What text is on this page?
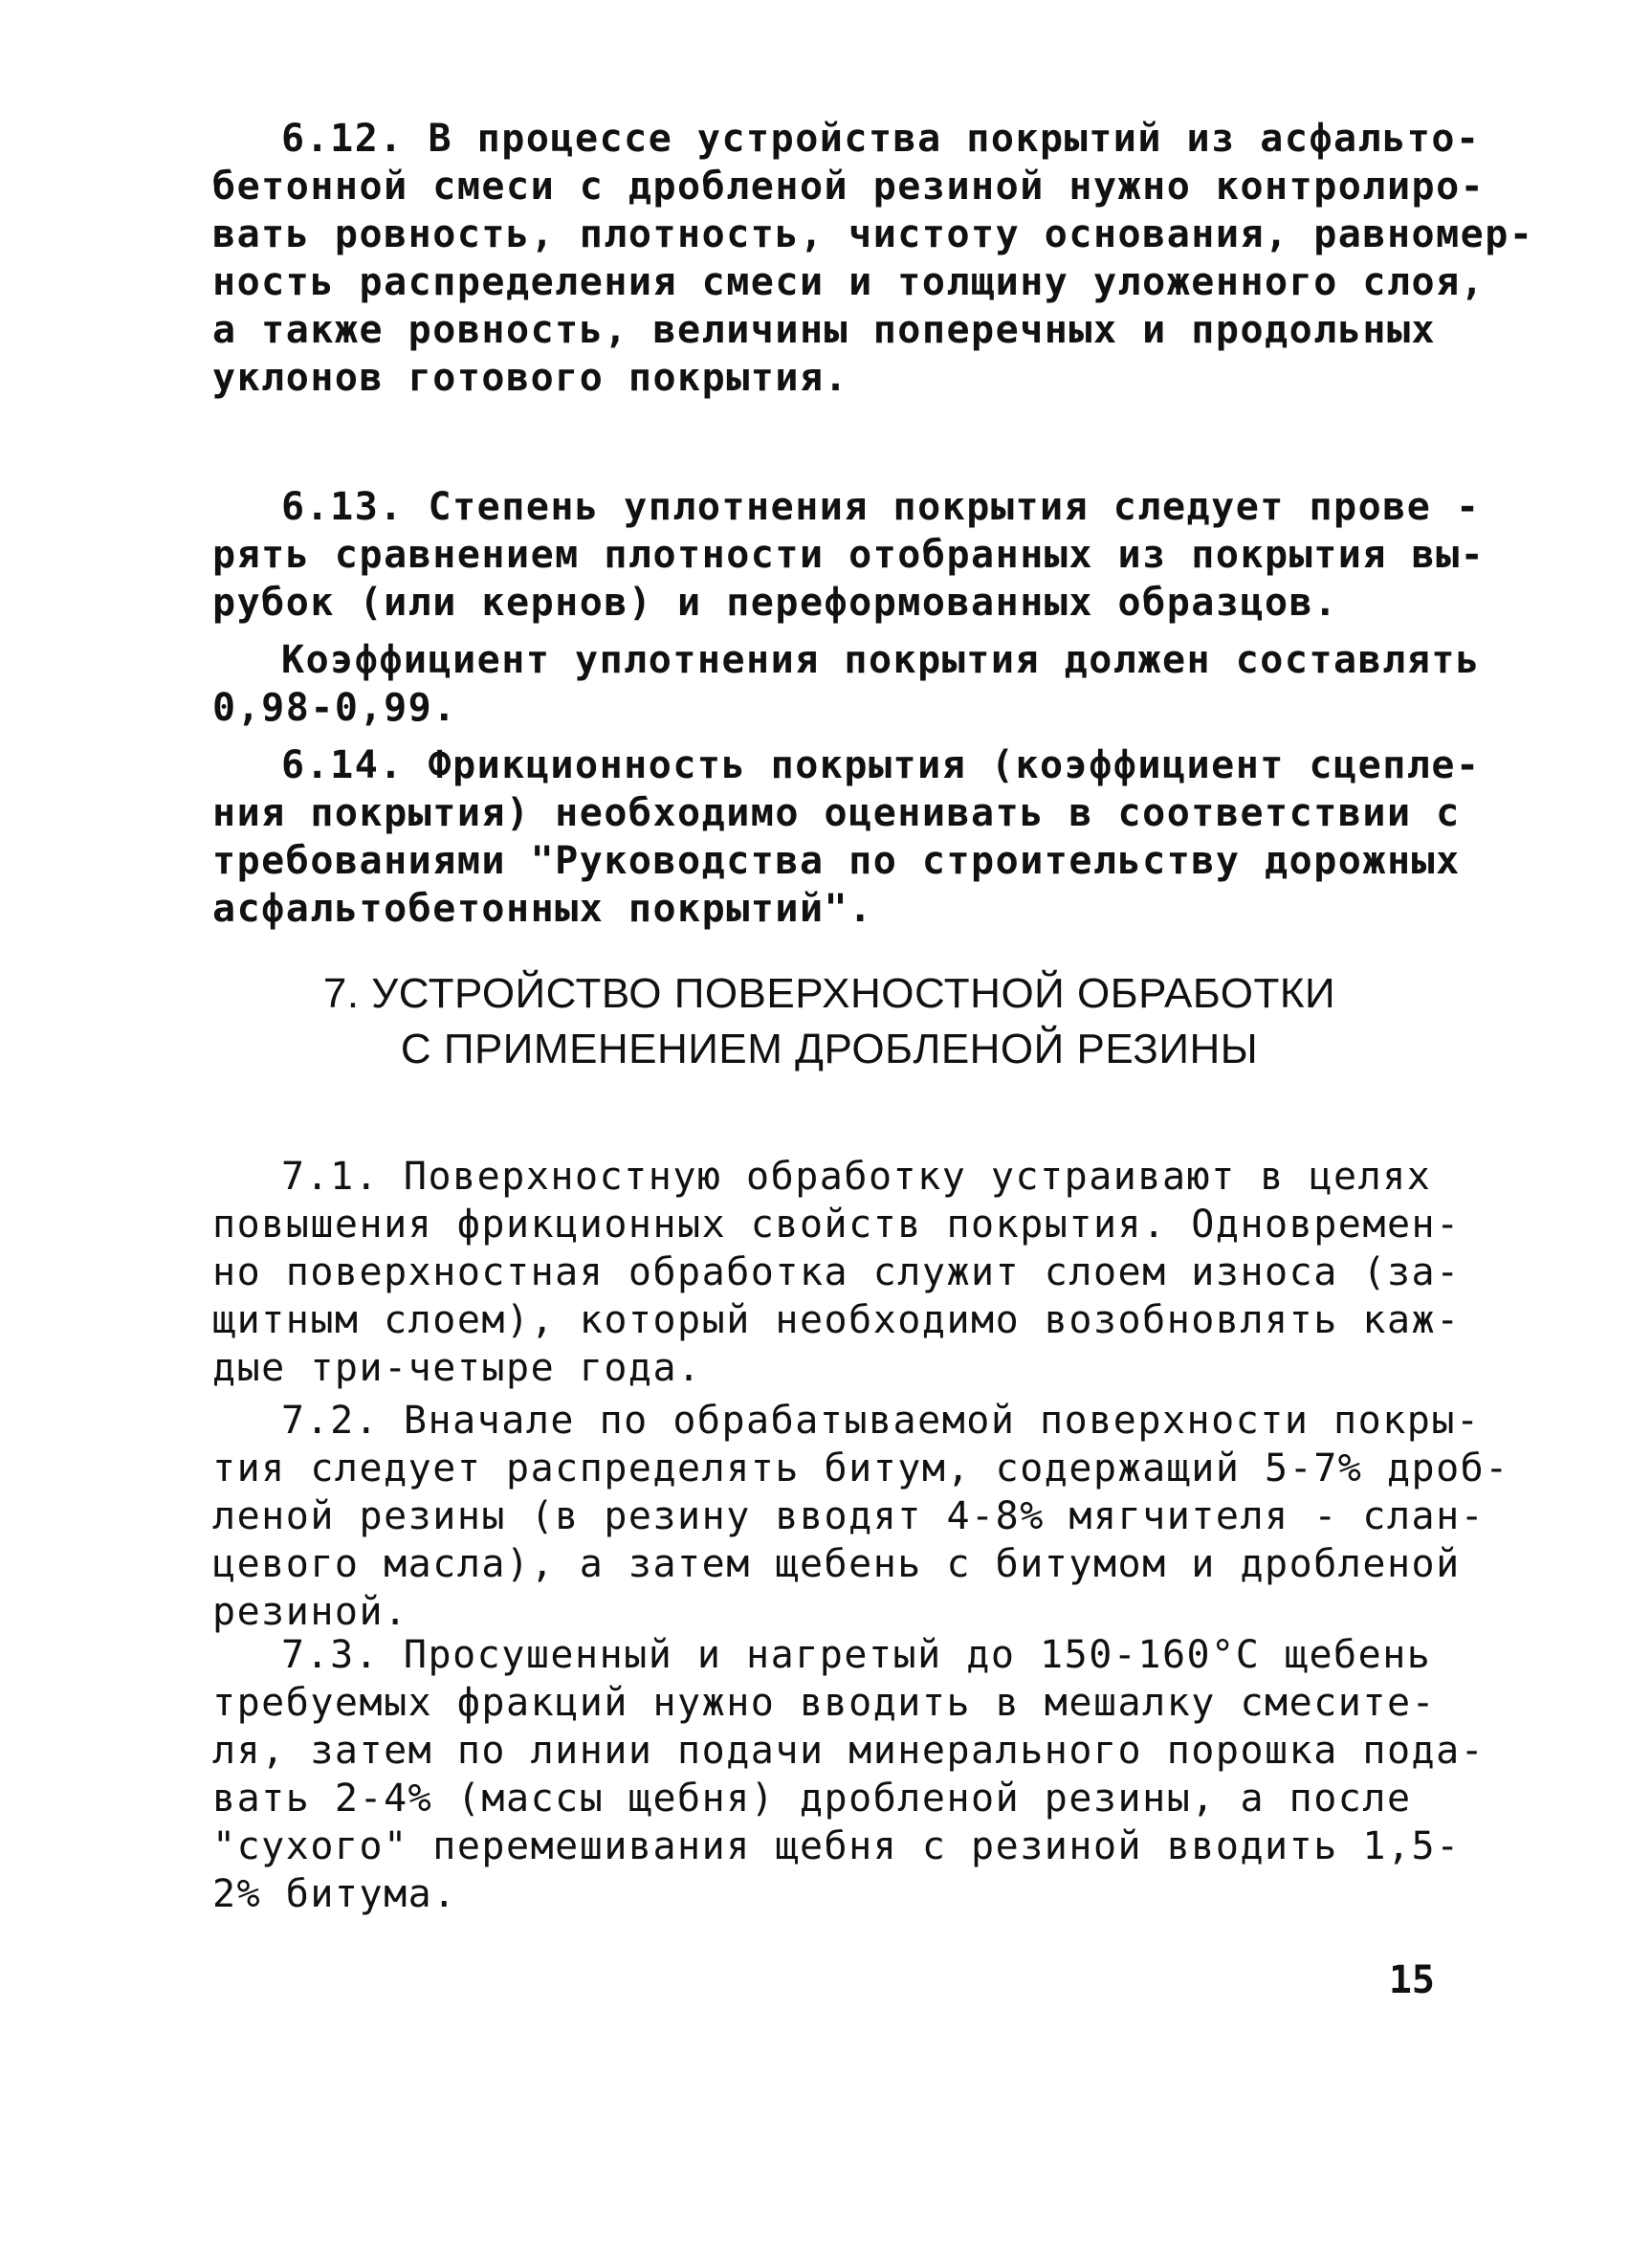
6.12. В процессе устройства покрытий из асфальто-
бетонной смеси с дробленой резиной нужно контролиро-
вать ровность, плотность, чистоту основания, равномер-
ность распределения смеси и толщину уложенного слоя,
а также ровность, величины поперечных и продольных
уклонов готового покрытия.
6.13. Степень уплотнения покрытия следует прове -
рять сравнением плотности отобранных из покрытия вы-
рубок (или кернов) и переформованных образцов.
Коэффициент уплотнения покрытия должен составлять
0,98-0,99.
6.14. Фрикционность покрытия (коэффициент сцепле-
ния покрытия) необходимо оценивать в соответствии с
требованиями "Руководства по строительству дорожных
асфальтобетонных покрытий".
7. УСТРОЙСТВО ПОВЕРХНОСТНОЙ ОБРАБОТКИ
С ПРИМЕНЕНИЕМ ДРОБЛЕНОЙ РЕЗИНЫ
7.1. Поверхностную обработку устраивают в целях
повышения фрикционных свойств покрытия. Одновремен-
но поверхностная обработка служит слоем износа (за-
щитным слоем), который необходимо возобновлять каж-
дые три-четыре года.
7.2. Вначале по обрабатываемой поверхности покры-
тия следует распределять битум, содержащий 5-7% дроб-
леной резины (в резину вводят 4-8% мягчителя - слан-
цевого масла), а затем щебень с битумом и дробленой
резиной.
7.3. Просушенный и нагретый до 150-160°С щебень
требуемых фракций нужно вводить в мешалку смесите-
ля, затем по линии подачи минерального порошка пода-
вать 2-4% (массы щебня) дробленой резины, а после
"сухого" перемешивания щебня с резиной вводить 1,5-
2% битума.
15
